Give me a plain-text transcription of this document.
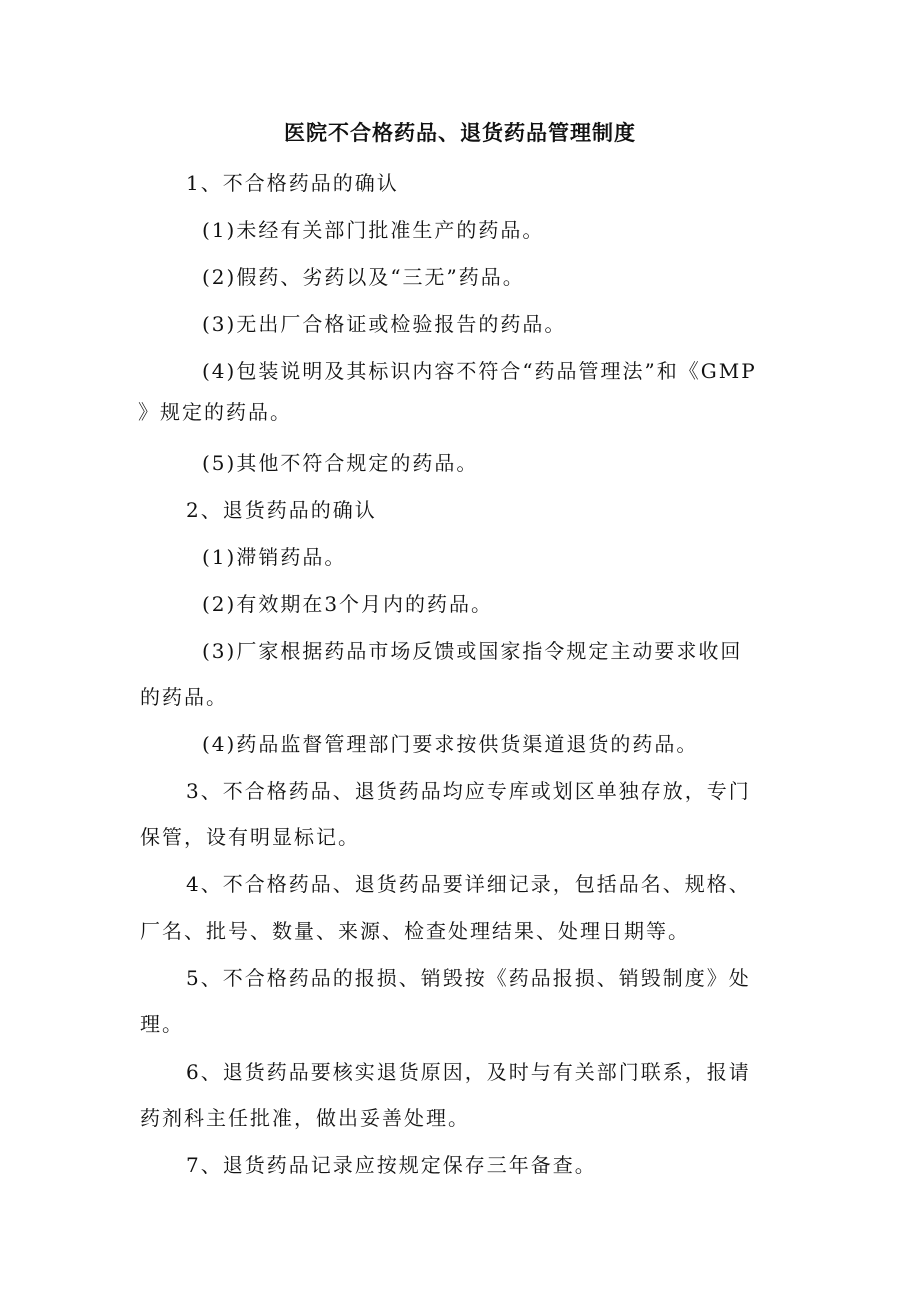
医院不合格药品、退货药品管理制度

1、不合格药品的确认

(1)未经有关部门批准生产的药品。

(2)假药、劣药以及“三无”药品。

(3)无出厂合格证或检验报告的药品。

(4)包装说明及其标识内容不符合“药品管理法”和《GMP

》规定的药品。

(5)其他不符合规定的药品。

2、退货药品的确认

(1)滞销药品。

(2)有效期在3个月内的药品。

(3)厂家根据药品市场反馈或国家指令规定主动要求收回

的药品。

(4)药品监督管理部门要求按供货渠道退货的药品。

3、不合格药品、退货药品均应专库或划区单独存放，专门

保管，设有明显标记。

4、不合格药品、退货药品要详细记录，包括品名、规格、

厂名、批号、数量、来源、检查处理结果、处理日期等。

5、不合格药品的报损、销毁按《药品报损、销毁制度》处

理。

6、退货药品要核实退货原因，及时与有关部门联系，报请

药剂科主任批准，做出妥善处理。

7、退货药品记录应按规定保存三年备查。
